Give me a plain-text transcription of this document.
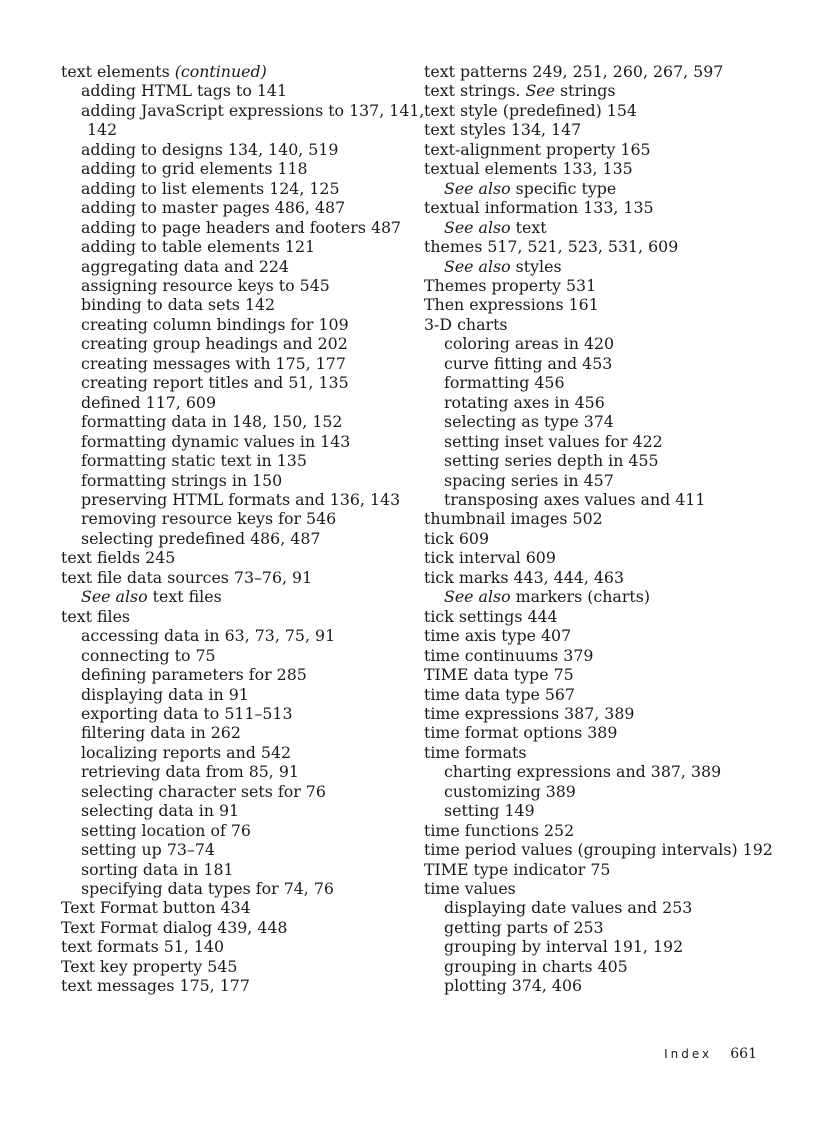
text elements (continued)
adding HTML tags to 141
adding JavaScript expressions to 137, 141,
142
adding to designs 134, 140, 519
adding to grid elements 118
adding to list elements 124, 125
adding to master pages 486, 487
adding to page headers and footers 487
adding to table elements 121
aggregating data and 224
assigning resource keys to 545
binding to data sets 142
creating column bindings for 109
creating group headings and 202
creating messages with 175, 177
creating report titles and 51, 135
defined 117, 609
formatting data in 148, 150, 152
formatting dynamic values in 143
formatting static text in 135
formatting strings in 150
preserving HTML formats and 136, 143
removing resource keys for 546
selecting predefined 486, 487
text fields 245
text file data sources 73–76, 91
See also text files
text files
accessing data in 63, 73, 75, 91
connecting to 75
defining parameters for 285
displaying data in 91
exporting data to 511–513
filtering data in 262
localizing reports and 542
retrieving data from 85, 91
selecting character sets for 76
selecting data in 91
setting location of 76
setting up 73–74
sorting data in 181
specifying data types for 74, 76
Text Format button 434
Text Format dialog 439, 448
text formats 51, 140
Text key property 545
text messages 175, 177
text patterns 249, 251, 260, 267, 597
text strings. See strings
text style (predefined) 154
text styles 134, 147
text-alignment property 165
textual elements 133, 135
See also specific type
textual information 133, 135
See also text
themes 517, 521, 523, 531, 609
See also styles
Themes property 531
Then expressions 161
3-D charts
coloring areas in 420
curve fitting and 453
formatting 456
rotating axes in 456
selecting as type 374
setting inset values for 422
setting series depth in 455
spacing series in 457
transposing axes values and 411
thumbnail images 502
tick 609
tick interval 609
tick marks 443, 444, 463
See also markers (charts)
tick settings 444
time axis type 407
time continuums 379
TIME data type 75
time data type 567
time expressions 387, 389
time format options 389
time formats
charting expressions and 387, 389
customizing 389
setting 149
time functions 252
time period values (grouping intervals) 192
TIME type indicator 75
time values
displaying date values and 253
getting parts of 253
grouping by interval 191, 192
grouping in charts 405
plotting 374, 406
Index 661
